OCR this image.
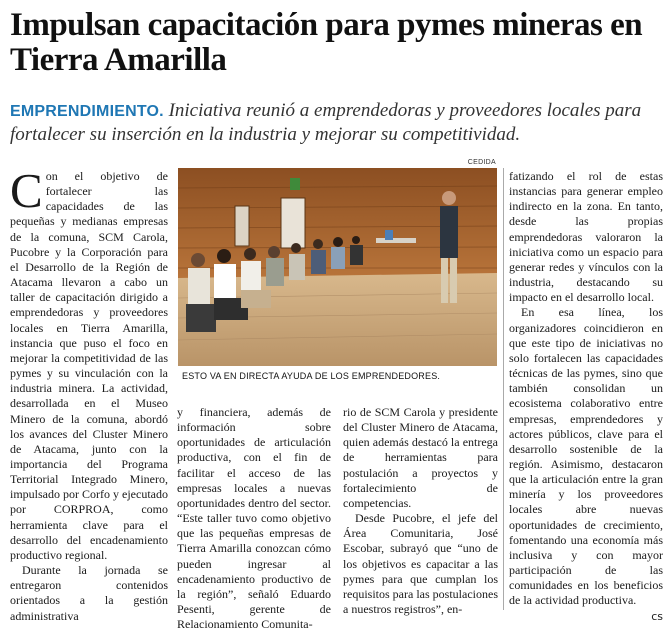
Impulsan capacitación para pymes mineras en Tierra Amarilla
EMPRENDIMIENTO. Iniciativa reunió a emprendedoras y proveedores locales para fortalecer su inserción en la industria y mejorar su competitividad.
CEDIDA
ESTO VA EN DIRECTA AYUDA DE LOS EMPRENDEDORES.

Con el objetivo de fortalecer las capacidades de las pequeñas y medianas empresas de la comuna, SCM Carola, Pucobre y la Corporación para el Desarrollo de la Región de Atacama llevaron a cabo un taller de capacitación dirigido a emprendedoras y proveedores locales en Tierra Amarilla, instancia que puso el foco en mejorar la competitividad de las pymes y su vinculación con la industria minera. La actividad, desarrollada en el Museo Minero de la comuna, abordó los avances del Cluster Minero de Atacama, junto con la importancia del Programa Territorial Integrado Minero, impulsado por Corfo y ejecutado por CORPROA, como herramienta clave para el desarrollo del encadenamiento productivo regional.

Durante la jornada se entregaron contenidos orientados a la gestión administrativa

y financiera, además de información sobre oportunidades de articulación productiva, con el fin de facilitar el acceso de las empresas locales a nuevas oportunidades dentro del sector. “Este taller tuvo como objetivo que las pequeñas empresas de Tierra Amarilla conozcan cómo pueden ingresar al encadenamiento productivo de la región”, señaló Eduardo Pesenti, gerente de Relacionamiento Comunita-

rio de SCM Carola y presidente del Cluster Minero de Atacama, quien además destacó la entrega de herramientas para postulación a proyectos y fortalecimiento de competencias.

Desde Pucobre, el jefe del Área Comunitaria, José Escobar, subrayó que “uno de los objetivos es capacitar a las pymes para que cumplan los requisitos para las postulaciones a nuestros registros”, en-

fatizando el rol de estas instancias para generar empleo indirecto en la zona. En tanto, desde las propias emprendedoras valoraron la iniciativa como un espacio para generar redes y vínculos con la industria, destacando su impacto en el desarrollo local.

En esa línea, los organizadores coincidieron en que este tipo de iniciativas no solo fortalecen las capacidades técnicas de las pymes, sino que también consolidan un ecosistema colaborativo entre empresas, emprendedores y actores públicos, clave para el desarrollo sostenible de la región. Asimismo, destacaron que la articulación entre la gran minería y los proveedores locales abre nuevas oportunidades de crecimiento, fomentando una economía más inclusiva y con mayor participación de las comunidades en los beneficios de la actividad productiva.
cs
